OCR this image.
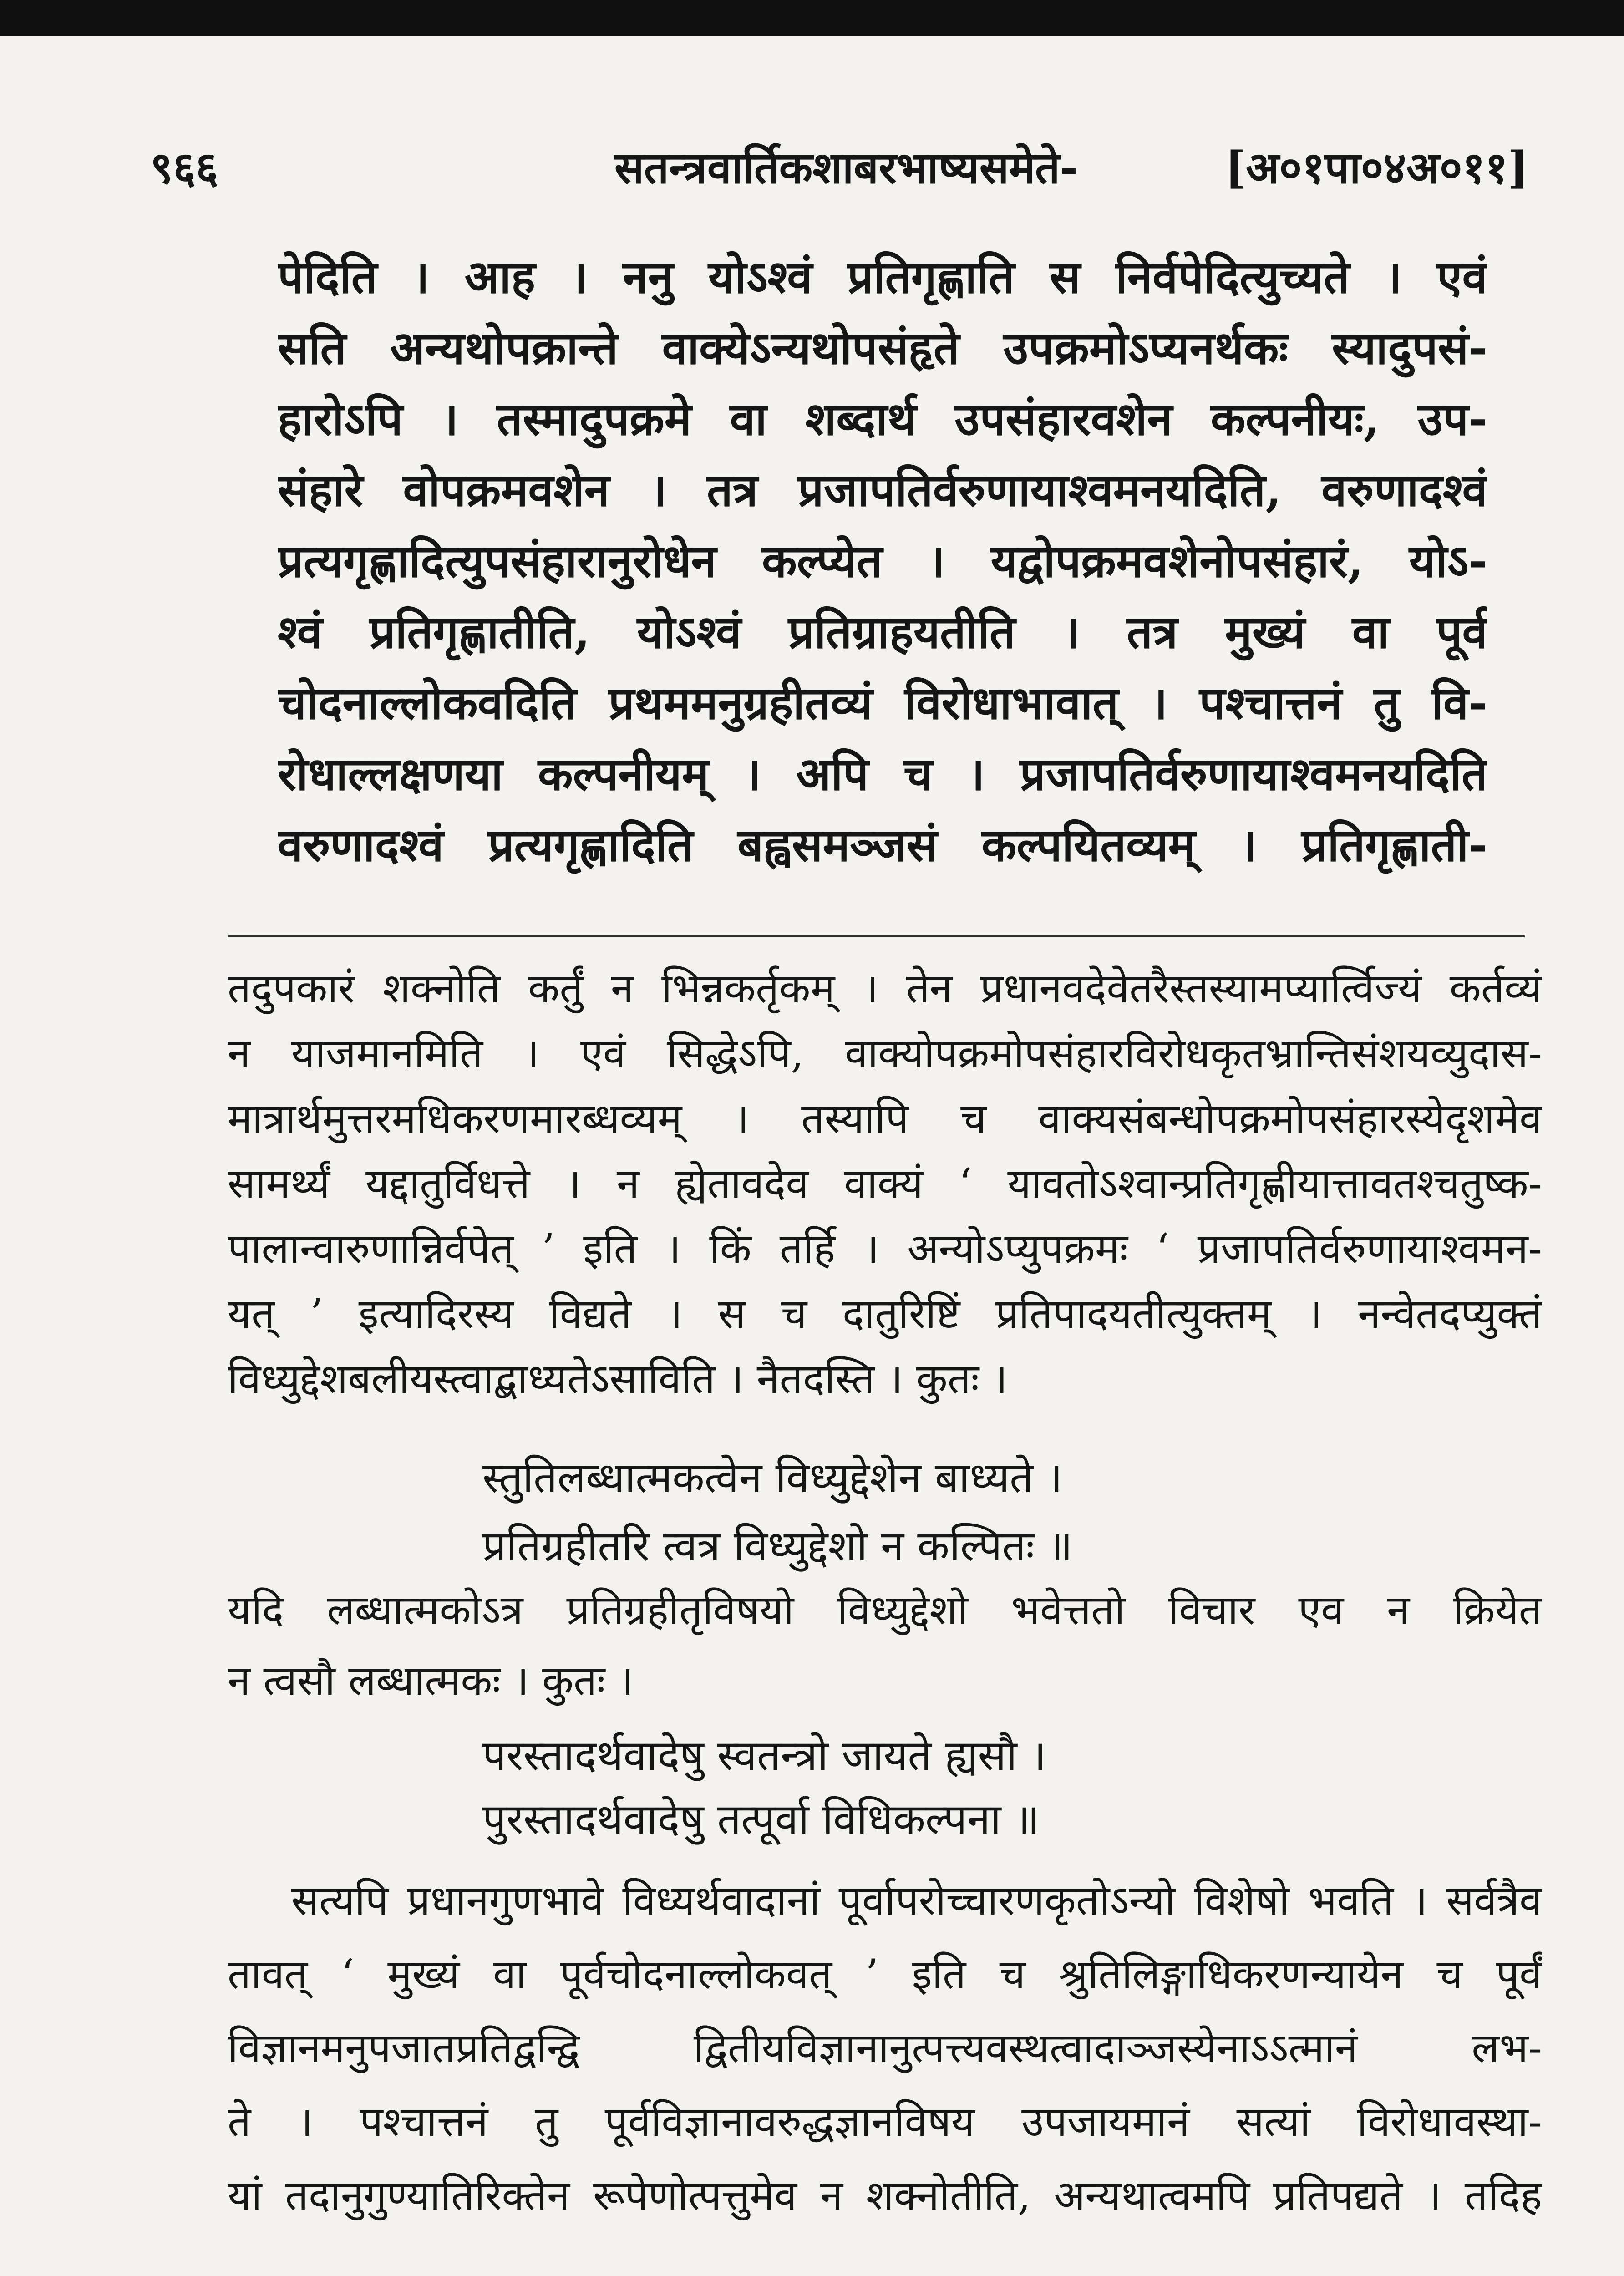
९६६	सतन्त्रवार्तिकशाबरभाष्यसमेते-	[अ०१पा०४अ०११]
पेदिति । आह । ननु योऽश्वं प्रतिगृह्णाति स निर्वपेदित्युच्यते । एवं
सति अन्यथोपक्रान्ते वाक्येऽन्यथोपसंहृते उपक्रमोऽप्यनर्थकः स्यादुपसं-
हारोऽपि । तस्मादुपक्रमे वा शब्दार्थ उपसंहारवशेन कल्पनीयः, उप-
संहारे वोपक्रमवशेन । तत्र प्रजापतिर्वरुणायाश्वमनयदिति, वरुणादश्वं
प्रत्यगृह्णादित्युपसंहारानुरोधेन कल्प्येत । यद्वोपक्रमवशेनोपसंहारं, योऽ-
श्वं प्रतिगृह्णातीति, योऽश्वं प्रतिग्राहयतीति । तत्र मुख्यं वा पूर्व
चोदनाल्लोकवदिति प्रथममनुग्रहीतव्यं विरोधाभावात् । पश्चात्तनं तु वि-
रोधाल्लक्षणया कल्पनीयम् । अपि च । प्रजापतिर्वरुणायाश्वमनयदिति
वरुणादश्वं प्रत्यगृह्णादिति बह्वसमञ्जसं कल्पयितव्यम् । प्रतिगृह्णाती-
तदुपकारं शक्नोति कर्तुं न भिन्नकर्तृकम् । तेन प्रधानवदेवेतरैस्तस्यामप्यार्त्विज्यं कर्तव्यं
न याजमानमिति । एवं सिद्धेऽपि, वाक्योपक्रमोपसंहारविरोधकृतभ्रान्तिसंशयव्युदास-
मात्रार्थमुत्तरमधिकरणमारब्धव्यम् । तस्यापि च वाक्यसंबन्धोपक्रमोपसंहारस्येदृशमेव
सामर्थ्यं यद्दातुर्विधत्ते । न ह्येतावदेव वाक्यं ‘ यावतोऽश्वान्प्रतिगृह्णीयात्तावतश्चतुष्क-
पालान्वारुणान्निर्वपेत् ’ इति । किं तर्हि । अन्योऽप्युपक्रमः ‘ प्रजापतिर्वरुणायाश्वमन-
यत् ’ इत्यादिरस्य विद्यते । स च दातुरिष्टिं प्रतिपादयतीत्युक्तम् । नन्वेतदप्युक्तं
विध्युद्देशबलीयस्त्वाद्बाध्यतेऽसाविति । नैतदस्ति । कुतः ।
स्तुतिलब्धात्मकत्वेन विध्युद्देशेन बाध्यते ।
प्रतिग्रहीतरि त्वत्र विध्युद्देशो न कल्पितः ॥
यदि लब्धात्मकोऽत्र प्रतिग्रहीतृविषयो विध्युद्देशो भवेत्ततो विचार एव न क्रियेत
न त्वसौ लब्धात्मकः । कुतः ।
परस्तादर्थवादेषु स्वतन्त्रो जायते ह्यसौ ।
पुरस्तादर्थवादेषु तत्पूर्वा विधिकल्पना ॥
सत्यपि प्रधानगुणभावे विध्यर्थवादानां पूर्वापरोच्चारणकृतोऽन्यो विशेषो भवति । सर्वत्रैव
तावत् ‘ मुख्यं वा पूर्वचोदनाल्लोकवत् ’ इति च श्रुतिलिङ्गाधिकरणन्यायेन च पूर्वं
विज्ञानमनुपजातप्रतिद्वन्द्वि द्वितीयविज्ञानानुत्पत्त्यवस्थत्वादाञ्जस्येनाऽऽत्मानं लभ-
ते । पश्चात्तनं तु पूर्वविज्ञानावरुद्धज्ञानविषय उपजायमानं सत्यां विरोधावस्था-
यां तदानुगुण्यातिरिक्तेन रूपेणोत्पत्तुमेव न शक्नोतीति, अन्यथात्वमपि प्रतिपद्यते । तदिह
